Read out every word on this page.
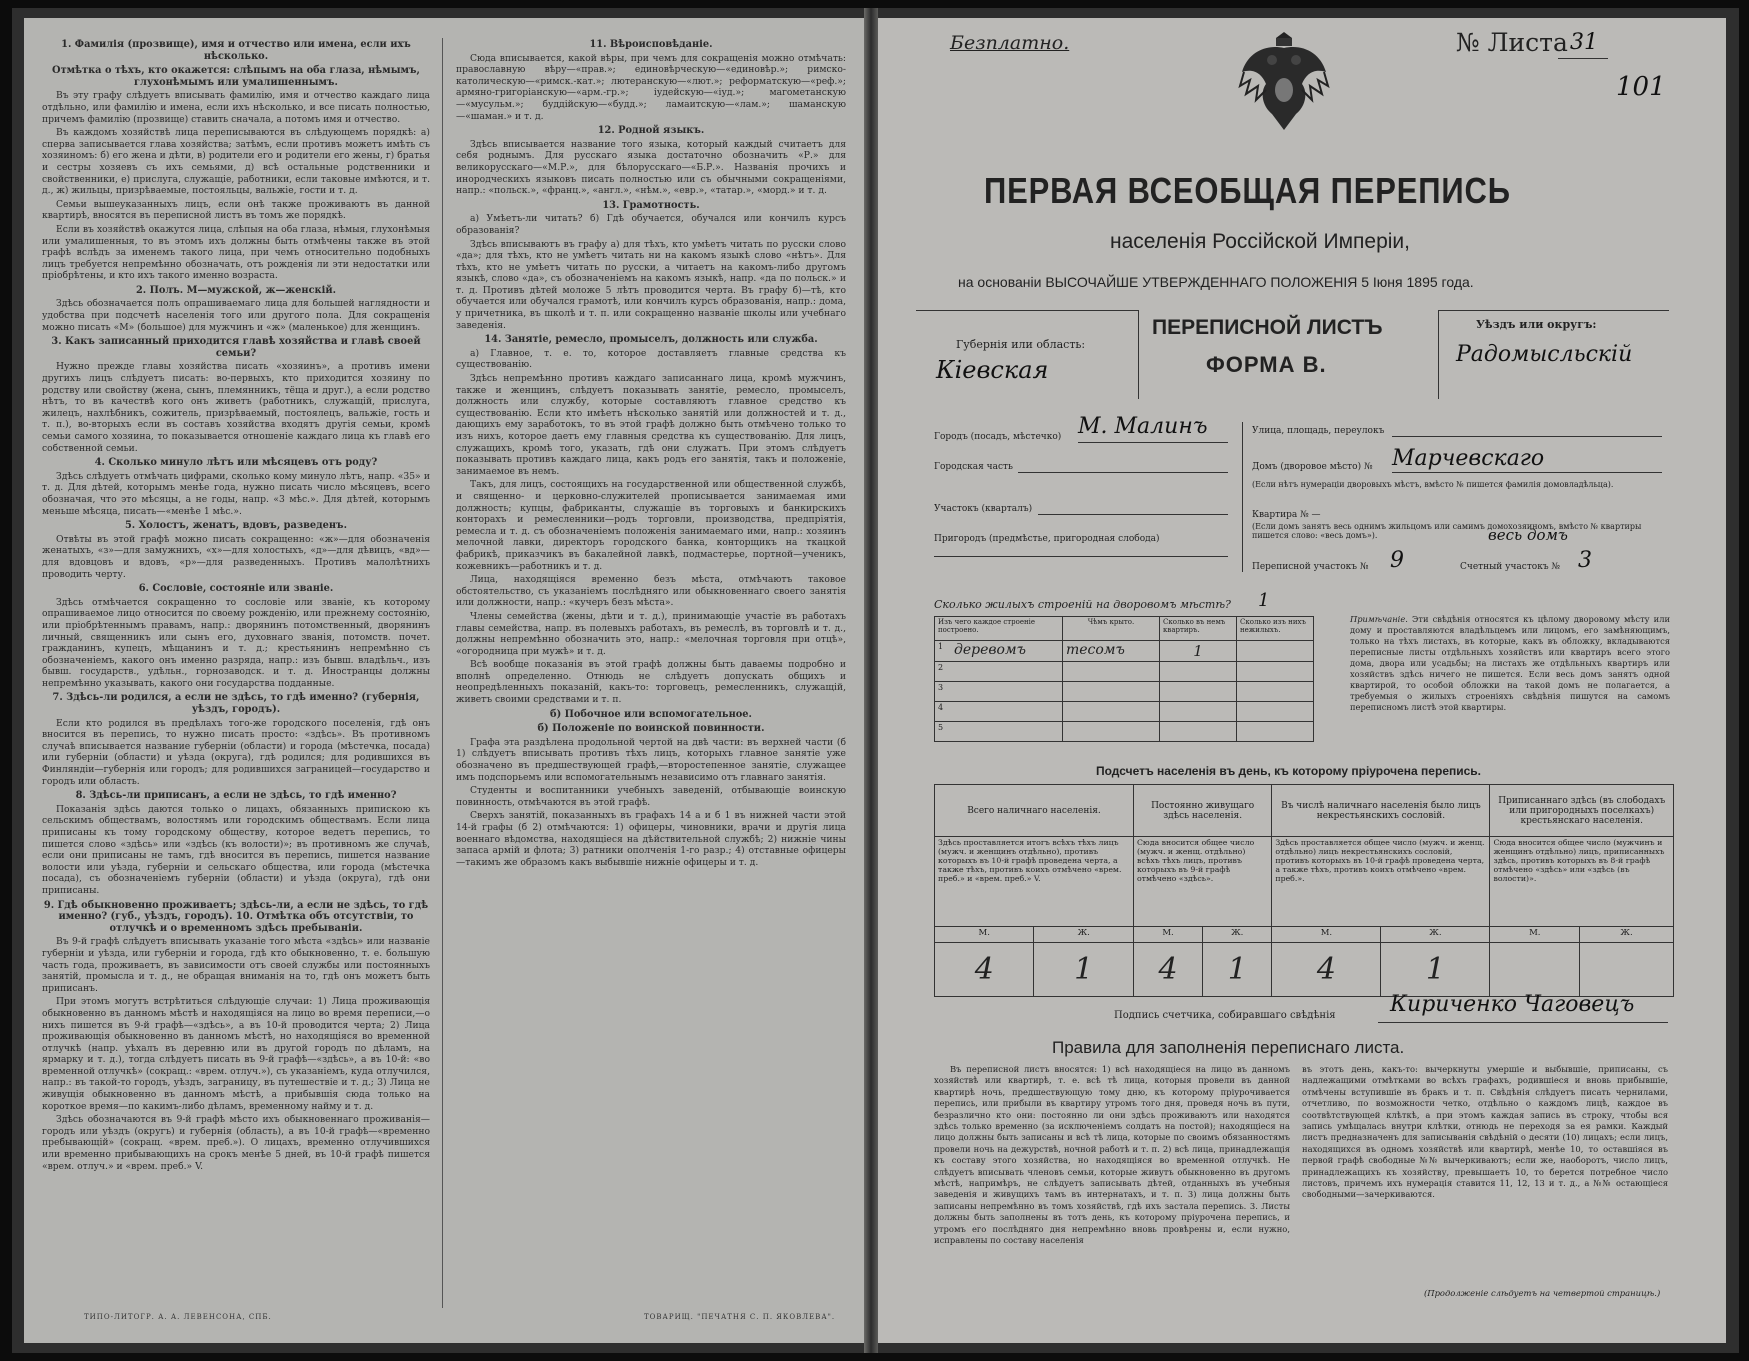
1. Фамилія (прозвище), имя и отчество или имена, если ихъ нѣсколько.

Отмѣтка о тѣхъ, кто окажется: слѣпымъ на оба глаза, нѣмымъ, глухонѣмымъ или умалишеннымъ.

Въ эту графу слѣдуетъ вписывать фамилію, имя и отчество каждаго лица отдѣльно, или фамилію и имена, если ихъ нѣсколько, и все писать полностью, причемъ фамилію (прозвище) ставить сначала, а потомъ имя и отчество.

Въ каждомъ хозяйствѣ лица переписываются въ слѣдующемъ порядкѣ: а) сперва записывается глава хозяйства; затѣмъ, если противъ можетъ имѣть съ хозяиномъ: б) его жена и дѣти, в) родители его и родители его жены, г) братья и сестры хозяевъ съ ихъ семьями, д) всѣ остальные родственники и свойственники, е) прислуга, служащіе, работники, если таковые имѣются, и т. д., ж) жильцы, призрѣваемые, постояльцы, вальжіе, гости и т. д.

Семьи вышеуказанныхъ лицъ, если онѣ также проживаютъ въ данной квартирѣ, вносятся въ переписной листъ въ томъ же порядкѣ.

Если въ хозяйствѣ окажутся лица, слѣпыя на оба глаза, нѣмыя, глухонѣмыя или умалишенныя, то въ этомъ ихъ должны быть отмѣчены также въ этой графѣ вслѣдъ за именемъ такого лица, при чемъ относительно подобныхъ лицъ требуется непремѣнно обозначать, отъ рожденія ли эти недостатки или пріобрѣтены, и кто ихъ такого именно возраста.

2. Полъ. М—мужской, ж—женскій.

Здѣсь обозначается полъ опрашиваемаго лица для большей наглядности и удобства при подсчетѣ населенія того или другого пола. Для сокращенія можно писать «М» (большое) для мужчинъ и «ж» (маленькое) для женщинъ.

3. Какъ записанный приходится главѣ хозяйства и главѣ своей семьи?

Нужно прежде главы хозяйства писать «хозяинъ», а противъ имени другихъ лицъ слѣдуетъ писать: во-первыхъ, кто приходится хозяину по родству или свойству (жена, сынъ, племянникъ, тёща и друг.), а если родство нѣтъ, то въ качествѣ кого онъ живетъ (работникъ, служащій, прислуга, жилецъ, нахлѣбникъ, сожитель, призрѣваемый, постоялецъ, вальжіе, гость и т. п.), во-вторыхъ если въ составъ хозяйства входятъ другія семьи, кромѣ семьи самого хозяина, то показывается отношеніе каждаго лица къ главѣ его собственной семьи.

4. Сколько минуло лѣтъ или мѣсяцевъ отъ роду?

Здѣсь слѣдуетъ отмѣчать цифрами, сколько кому минуло лѣтъ, напр. «35» и т. д. Для дѣтей, которымъ менѣе года, нужно писать число мѣсяцевъ, всего обозначая, что это мѣсяцы, а не годы, напр. «3 мѣс.». Для дѣтей, которымъ меньше мѣсяца, писать—«менѣе 1 мѣс.».

5. Холостъ, женатъ, вдовъ, разведенъ.

Отвѣты въ этой графѣ можно писать сокращенно: «ж»—для обозначенія женатыхъ, «з»—для замужнихъ, «х»—для холостыхъ, «д»—для дѣвицъ, «вд»—для вдовцовъ и вдовъ, «р»—для разведенныхъ. Противъ малолѣтнихъ проводить черту.

6. Сословіе, состояніе или званіе.

Здѣсь отмѣчается сокращенно то сословіе или званіе, къ которому опрашиваемое лицо относится по своему рожденію, или прежнему состоянію, или пріобрѣтеннымъ правамъ, напр.: дворянинъ потомственный, дворянинъ личный, священникъ или сынъ его, духовнаго званія, потомств. почет. гражданинъ, купецъ, мѣщанинъ и т. д.; крестьянинъ непремѣнно съ обозначеніемъ, какого онъ именно разряда, напр.: изъ бывш. владѣльч., изъ бывш. государств., удѣльн., горнозаводск. и т. д. Иностранцы должны непремѣнно указывать, какого они государства подданные.

7. Здѣсь-ли родился, а если не здѣсь, то гдѣ именно? (губернія, уѣздъ, городъ).

Если кто родился въ предѣлахъ того-же городского поселенія, гдѣ онъ вносится въ перепись, то нужно писать просто: «здѣсь». Въ противномъ случаѣ вписывается название губерніи (области) и города (мѣстечка, посада) или губерніи (области) и уѣзда (округа), гдѣ родился; для родившихся въ Финляндіи—губернія или городъ; для родившихся заграницей—государство и городъ или область.

8. Здѣсь-ли приписанъ, а если не здѣсь, то гдѣ именно?

Показанія здѣсь даются только о лицахъ, обязанныхъ припискою къ сельскимъ обществамъ, волостямъ или городскимъ обществамъ. Если лица приписаны къ тому городскому обществу, которое ведетъ перепись, то пишется слово «здѣсь» или «здѣсь (къ волости)»; въ противномъ же случаѣ, если они приписаны не тамъ, гдѣ вносится въ перепись, пишется название волости или уѣзда, губерніи и сельскаго общества, или города (мѣстечка посада), съ обозначеніемъ губерніи (области) и уѣзда (округа), гдѣ они приписаны.

9. Гдѣ обыкновенно проживаетъ; здѣсь-ли, а если не здѣсь, то гдѣ именно? (губ., уѣздъ, городъ). 10. Отмѣтка объ отсутствіи, то отлучкѣ и о временномъ здѣсь пребываніи.

Въ 9-й графѣ слѣдуетъ вписывать указаніе того мѣста «здѣсь» или названіе губерніи и уѣзда, или губерніи и города, гдѣ кто обыкновенно, т. е. большую часть года, проживаетъ, въ зависимости отъ своей службы или постоянныхъ занятій, промысла и т. д., не обращая вниманія на то, гдѣ онъ можетъ быть приписанъ.

При этомъ могутъ встрѣтиться слѣдующіе случаи: 1) Лица проживающія обыкновенно въ данномъ мѣстѣ и находящіяся на лицо во время переписи,—о нихъ пишется въ 9-й графѣ—«здѣсь», а въ 10-й проводится черта; 2) Лица проживающія обыкновенно въ данномъ мѣстѣ, но находящіяся во временной отлучкѣ (напр. уѣхалъ въ деревню или въ другой городъ по дѣламъ, на ярмарку и т. д.), тогда слѣдуетъ писать въ 9-й графѣ—«здѣсь», а въ 10-й: «во временной отлучкѣ» (сокращ.: «врем. отлуч.»), съ указаніемъ, куда отлучился, напр.: въ такой-то городъ, уѣздъ, заграницу, въ путешествіе и т. д.; 3) Лица не живущія обыкновенно въ данномъ мѣстѣ, а прибывшія сюда только на короткое время—по какимъ-либо дѣламъ, временному найму и т. д.

Здѣсь обозначаются въ 9-й графѣ мѣсто ихъ обыкновеннаго проживанія—городъ или уѣздъ (округъ) и губернія (область), а въ 10-й графѣ—«временно пребывающій» (сокращ. «врем. преб.»). О лицахъ, временно отлучившихся или временно прибывающихъ на срокъ менѣе 5 дней, въ 10-й графѣ пишется «врем. отлуч.» и «врем. преб.» V.

11. Вѣроисповѣданіе.

Сюда вписывается, какой вѣры, при чемъ для сокращенія можно отмѣчать: православную вѣру—«прав.»; единовѣрческую—«единовѣр.»; римско-католическую—«римск.-кат.»; лютеранскую—«лют.»; реформатскую—«реф.»; армяно-григоріанскую—«арм.-гр.»; іудейскую—«іуд.»; магометанскую—«мусульм.»; буддійскую—«будд.»; ламаитскую—«лам.»; шаманскую—«шаман.» и т. д.

12. Родной языкъ.

Здѣсь вписывается название того языка, который каждый считаетъ для себя роднымъ. Для русскаго языка достаточно обозначить «Р.» для великорусскаго—«М.Р.», для бѣлорусскаго—«Б.Р.». Названія прочихъ и инородческихъ языковъ писать полностью или съ обычными сокращеніями, напр.: «польск.», «франц.», «англ.», «нѣм.», «евр.», «татар.», «морд.» и т. д.

13. Грамотность.

а) Умѣетъ-ли читать? б) Гдѣ обучается, обучался или кончилъ курсъ образованія?

Здѣсь вписываютъ въ графу а) для тѣхъ, кто умѣетъ читать по русски слово «да»; для тѣхъ, кто не умѣетъ читать ни на какомъ языкѣ слово «нѣтъ». Для тѣхъ, кто не умѣетъ читать по русски, а читаетъ на какомъ-либо другомъ языкѣ, слово «да», съ обозначеніемъ на какомъ языкѣ, напр. «да по польск.» и т. д. Противъ дѣтей моложе 5 лѣтъ проводится черта. Въ графу б)—тѣ, кто обучается или обучался грамотѣ, или кончилъ курсъ образованія, напр.: дома, у причетника, въ школѣ и т. п. или сокращенно названіе школы или учебнаго заведенія.

14. Занятіе, ремесло, промыселъ, должность или служба.

а) Главное, т. е. то, которое доставляетъ главные средства къ существованію.

Здѣсь непремѣнно противъ каждаго записаннаго лица, кромѣ мужчинъ, также и женщинъ, слѣдуетъ показывать занятіе, ремесло, промыселъ, должность или службу, которые составляютъ главное средство къ существованію. Если кто имѣетъ нѣсколько занятій или должностей и т. д., дающихъ ему заработокъ, то въ этой графѣ должно быть отмѣчено только то изъ нихъ, которое даетъ ему главныя средства къ существованію. Для лицъ, служащихъ, кромѣ того, указать, гдѣ они служатъ. При этомъ слѣдуетъ показывать противъ каждаго лица, какъ родъ его занятія, такъ и положеніе, занимаемое въ немъ.

Такъ, для лицъ, состоящихъ на государственной или общественной службѣ, и священно- и церковно-служителей прописывается занимаемая ими должность; купцы, фабриканты, служащіе въ торговыхъ и банкирскихъ конторахъ и ремесленники—родъ торговли, производства, предпріятія, ремесла и т. д. съ обозначеніемъ положенія занимаемаго ими, напр.: хозяинъ мелочной лавки, директоръ городского банка, конторщикъ на ткацкой фабрикѣ, приказчикъ въ бакалейной лавкѣ, подмастерье, портной—ученикъ, кожевникъ—работникъ и т. д.

Лица, находящіяся временно безъ мѣста, отмѣчаютъ таковое обстоятельство, съ указаніемъ послѣдняго или обыкновеннаго своего занятія или должности, напр.: «кучеръ безъ мѣста».

Члены семейства (жены, дѣти и т. д.), принимающіе участіе въ работахъ главы семейства, напр. въ полевыхъ работахъ, въ ремеслѣ, въ торговлѣ и т. д., должны непремѣнно обозначить это, напр.: «мелочная торговля при отцѣ», «огородница при мужѣ» и т. д.

Всѣ вообще показанія въ этой графѣ должны быть даваемы подробно и вполнѣ определенно. Отнюдь не слѣдуетъ допускать общихъ и неопредѣленныхъ показаній, какъ-то: торговецъ, ремесленникъ, служащій, живетъ своими средствами и т. п.

б) Побочное или вспомогательное.

б) Положеніе по воинской повинности.

Графа эта раздѣлена продольной чертой на двѣ части: въ верхней части (б 1) слѣдуетъ вписывать противъ тѣхъ лицъ, которыхъ главное занятіе уже обозначено въ предшествующей графѣ,—второстепенное занятіе, служащее имъ подспорьемъ или вспомогательнымъ независимо отъ главнаго занятія.

Студенты и воспитанники учебныхъ заведеній, отбывающіе воинскую повинность, отмѣчаются въ этой графѣ.

Сверхъ занятій, показанныхъ въ графахъ 14 а и б 1 въ нижней части этой 14-й графы (б 2) отмѣчаются: 1) офицеры, чиновники, врачи и другія лица военнаго вѣдомства, находящіеся на дѣйствительной службѣ; 2) нижніе чины запаса армій и флота; 3) ратники ополченія 1-го разр.; 4) отставные офицеры—такимъ же образомъ какъ выбывшіе нижніе офицеры и т. д.

ТИПО-ЛИТОГР. А. А. ЛЕВЕНСОНА, СПБ.	ТОВАРИЩ. "ПЕЧАТНЯ С. П. ЯКОВЛЕВА".
Безплатно.	№ Листа 31
101
ПЕРВАЯ ВСЕОБЩАЯ ПЕРЕПИСЬ
населенія Россійской Имперіи,
на основаніи ВЫСОЧАЙШЕ УТВЕРЖДЕННАГО ПОЛОЖЕНІЯ 5 Іюня 1895 года.
Губернія или область:
Кіевская
ПЕРЕПИСНОЙ ЛИСТЪ
ФОРМА В.
Уѣздъ или округъ:
Радомысльскій
Городъ (посадъ, мѣстечко) М. Малинъ
Городская часть
Участокъ (кварталъ)
Пригородъ (предмѣстье, пригородная слобода)
Улица, площадь, переулокъ
Домъ (дворовое мѣсто) № Марчевскаго
(Если нѣтъ нумераціи дворовыхъ мѣстъ, вмѣсто № пишется фамилія домовладѣльца).
Квартира № —
(Если домъ занятъ весь однимъ жильцомъ или самимъ домохозяиномъ, вмѣсто № квартиры пишется слово: «весь домъ»).	весь домъ
Переписной участокъ № 9	Счетный участокъ № 3
Сколько жилыхъ строеній на дворовомъ мѣстѣ? 1
Изъ чего каждое строеніе построено.		Чѣмъ крыто.	Сколько въ немъ квартиръ.	Сколько изъ нихъ нежилыхъ.
1	деревомъ	тесомъ	1	
2				
3				
4				
5				
Примѣчаніе. Эти свѣдѣнія относятся къ цѣлому дворовому мѣсту или дому и проставляются владѣльцемъ или лицомъ, его замѣняющимъ, только на тѣхъ листахъ, въ которые, какъ въ обложку, вкладываются переписные листы отдѣльныхъ хозяйствъ или квартиръ всего этого дома, двора или усадьбы; на листахъ же отдѣльныхъ квартиръ или хозяйствъ здѣсь ничего не пишется. Если весь домъ занятъ одной квартирой, то особой обложки на такой домъ не полагается, а требуемыя о жилыхъ строеніяхъ свѣдѣнія пишутся на самомъ переписномъ листѣ этой квартиры.
Подсчетъ населенія въ день, къ которому пріурочена перепись.
Всего наличнаго населенія.		Постоянно живущаго здѣсь населенія.		Въ числѣ наличнаго населенія было лицъ некрестьянскихъ сословій.		Приписаннаго здѣсь (въ слободахъ или пригородныхъ поселкахъ) крестьянскаго населенія.	
Здѣсь проставляется итогъ всѣхъ тѣхъ лицъ (мужч. и женщинъ отдѣльно), противъ которыхъ въ 10-й графѣ проведена черта, а также тѣхъ, противъ коихъ отмѣчено «врем. преб.» и «врем. преб.» V.		Сюда вносится общее число (мужч. и женщ. отдѣльно) всѣхъ тѣхъ лицъ, противъ которыхъ въ 9-й графѣ отмѣчено «здѣсь».		Здѣсь проставляется общее число (мужч. и женщ. отдѣльно) лицъ некрестьянскихъ сословій, противъ которыхъ въ 10-й графѣ проведена черта, а также тѣхъ, противъ коихъ отмѣчено «врем. преб.».		Сюда вносится общее число (мужчинъ и женщинъ отдѣльно) лицъ, приписанныхъ здѣсь, противъ которыхъ въ 8-й графѣ отмѣчено «здѣсь» или «здѣсь (въ волости)».	
М.	Ж.	М.	Ж.	М.	Ж.	М.	Ж.
4	1	4	1	4	1		
Подпись счетчика, собиравшаго свѣдѣнія Кириченко Чаговецъ
Правила для заполненія переписнаго листа.
Въ переписной листъ вносятся: 1) всѣ находящіеся на лицо въ данномъ хозяйствѣ или квартирѣ, т. е. всѣ тѣ лица, которыя провели въ данной квартирѣ ночь, предшествующую тому дню, къ которому пріурочивается перепись, или прибыли въ квартиру утромъ того дня, проведя ночь въ пути, безразлично кто они: постоянно ли они здѣсь проживаютъ или находятся здѣсь только временно (за исключеніемъ солдатъ на постой); находящіеся на лицо должны быть записаны и всѣ тѣ лица, которые по своимъ обязанностямъ провели ночь на дежурствѣ, ночной работѣ и т. п. 2) всѣ лица, принадлежащія къ составу этого хозяйства, но находящіяся во временной отлучкѣ. Не слѣдуетъ вписывать членовъ семьи, которые живутъ обыкновенно въ другомъ мѣстѣ, напримѣръ, не слѣдуетъ записывать дѣтей, отданныхъ въ учебныя заведенія и живущихъ тамъ въ интернатахъ, и т. п. 3) лица должны быть записаны непремѣнно въ томъ хозяйствѣ, гдѣ ихъ застала перепись. 3. Листы должны быть заполнены въ тотъ день, къ которому пріурочена перепись, и утромъ его послѣдняго дня непремѣнно вновь провѣрены и, если нужно, исправлены по составу населенія
въ этотъ день, какъ-то: вычеркнуты умершіе и выбывшіе, приписаны, съ надлежащими отмѣтками во всѣхъ графахъ, родившіеся и вновь прибывшіе, отмѣчены вступившіе въ бракъ и т. п. Свѣдѣнія слѣдуетъ писать чернилами, отчетливо, по возможности четко, отдѣльно о каждомъ лицѣ, каждое въ соотвѣтствующей клѣткѣ, а при этомъ каждая запись въ строку, чтобы вся запись умѣщалась внутри клѣтки, отнюдь не переходя за ея рамки. Каждый листъ предназначенъ для записыванія свѣдѣній о десяти (10) лицахъ; если лицъ, находящихся въ одномъ хозяйствѣ или квартирѣ, менѣе 10, то оставшіяся въ первой графѣ свободные №№ вычеркиваютъ; если же, наоборотъ, число лицъ, принадлежащихъ къ хозяйству, превышаетъ 10, то берется потребное число листовъ, причемъ ихъ нумерація ставится 11, 12, 13 и т. д., а №№ остающіеся свободными—зачеркиваются.
(Продолженіе слѣдуетъ на четвертой страницѣ.)
